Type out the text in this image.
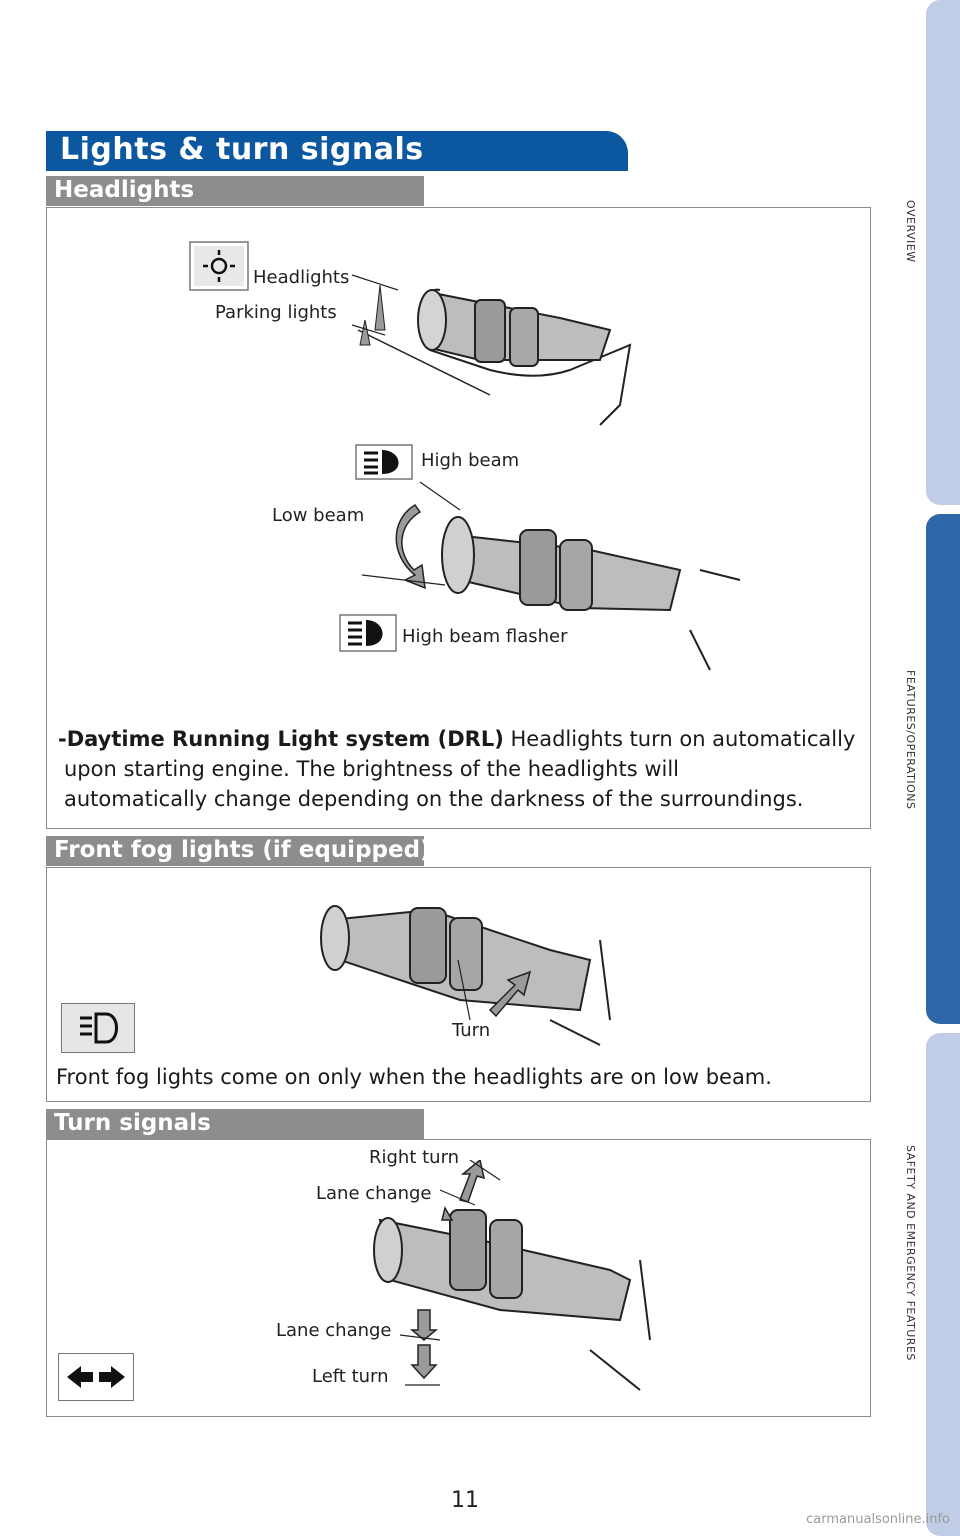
Lights & turn signals
Headlights
Headlights
Parking lights
High beam
Low beam
High beam flasher
-Daytime Running Light system (DRL) Headlights turn on automatically
upon starting engine. The brightness of the headlights will
automatically change depending on the darkness of the surroundings.
Front fog lights (if equipped)
Turn
Front fog lights come on only when the headlights are on low beam.
Turn signals
Right turn
Lane change
Lane change
Left turn
OVERVIEW
FEATURES/OPERATIONS
SAFETY AND EMERGENCY FEATURES
11
carmanualsonline.info
